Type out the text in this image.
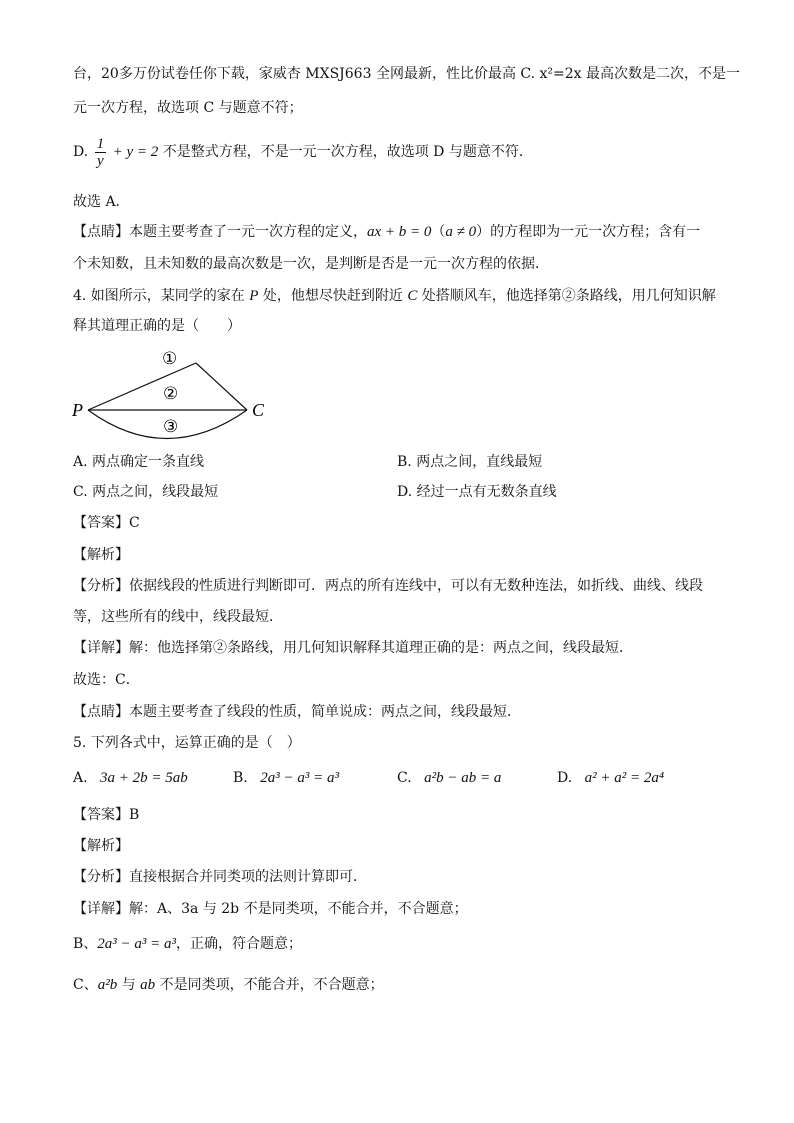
台，20多万份试卷任你下载，家威杏 MXSJ663 全网最新，性比价最高 C. x²=2x 最高次数是二次，不是一
元一次方程，故选项 C 与题意不符；
D. $\frac{1}{y} + y = 2$ 不是整式方程，不是一元一次方程，故选项 D 与题意不符．
故选 A．
【点睛】本题主要考查了一元一次方程的定义，ax + b = 0（a ≠ 0）的方程即为一元一次方程；含有一
个未知数，且未知数的最高次数是一次，是判断是否是一元一次方程的依据．
4. 如图所示，某同学的家在 P 处，他想尽快赶到附近 C 处搭顺风车，他选择第②条路线，用几何知识解
释其道理正确的是（　　）
P	C
①
②
③
A. 两点确定一条直线	B. 两点之间，直线最短
C. 两点之间，线段最短	D. 经过一点有无数条直线
【答案】C
【解析】
【分析】依据线段的性质进行判断即可．两点的所有连线中，可以有无数种连法，如折线、曲线、线段
等，这些所有的线中，线段最短．
【详解】解：他选择第②条路线，用几何知识解释其道理正确的是：两点之间，线段最短．
故选：C．
【点睛】本题主要考查了线段的性质，简单说成：两点之间，线段最短．
5. 下列各式中，运算正确的是（　）
A. 3a + 2b = 5ab	B. 2a³ − a³ = a³	C. a²b − ab = a	D. a² + a² = 2a⁴
【答案】B
【解析】
【分析】直接根据合并同类项的法则计算即可．
【详解】解：A、3a 与 2b 不是同类项，不能合并，不合题意；
B、2a³ − a³ = a³，正确，符合题意；
C、a²b 与 ab 不是同类项，不能合并，不合题意；
